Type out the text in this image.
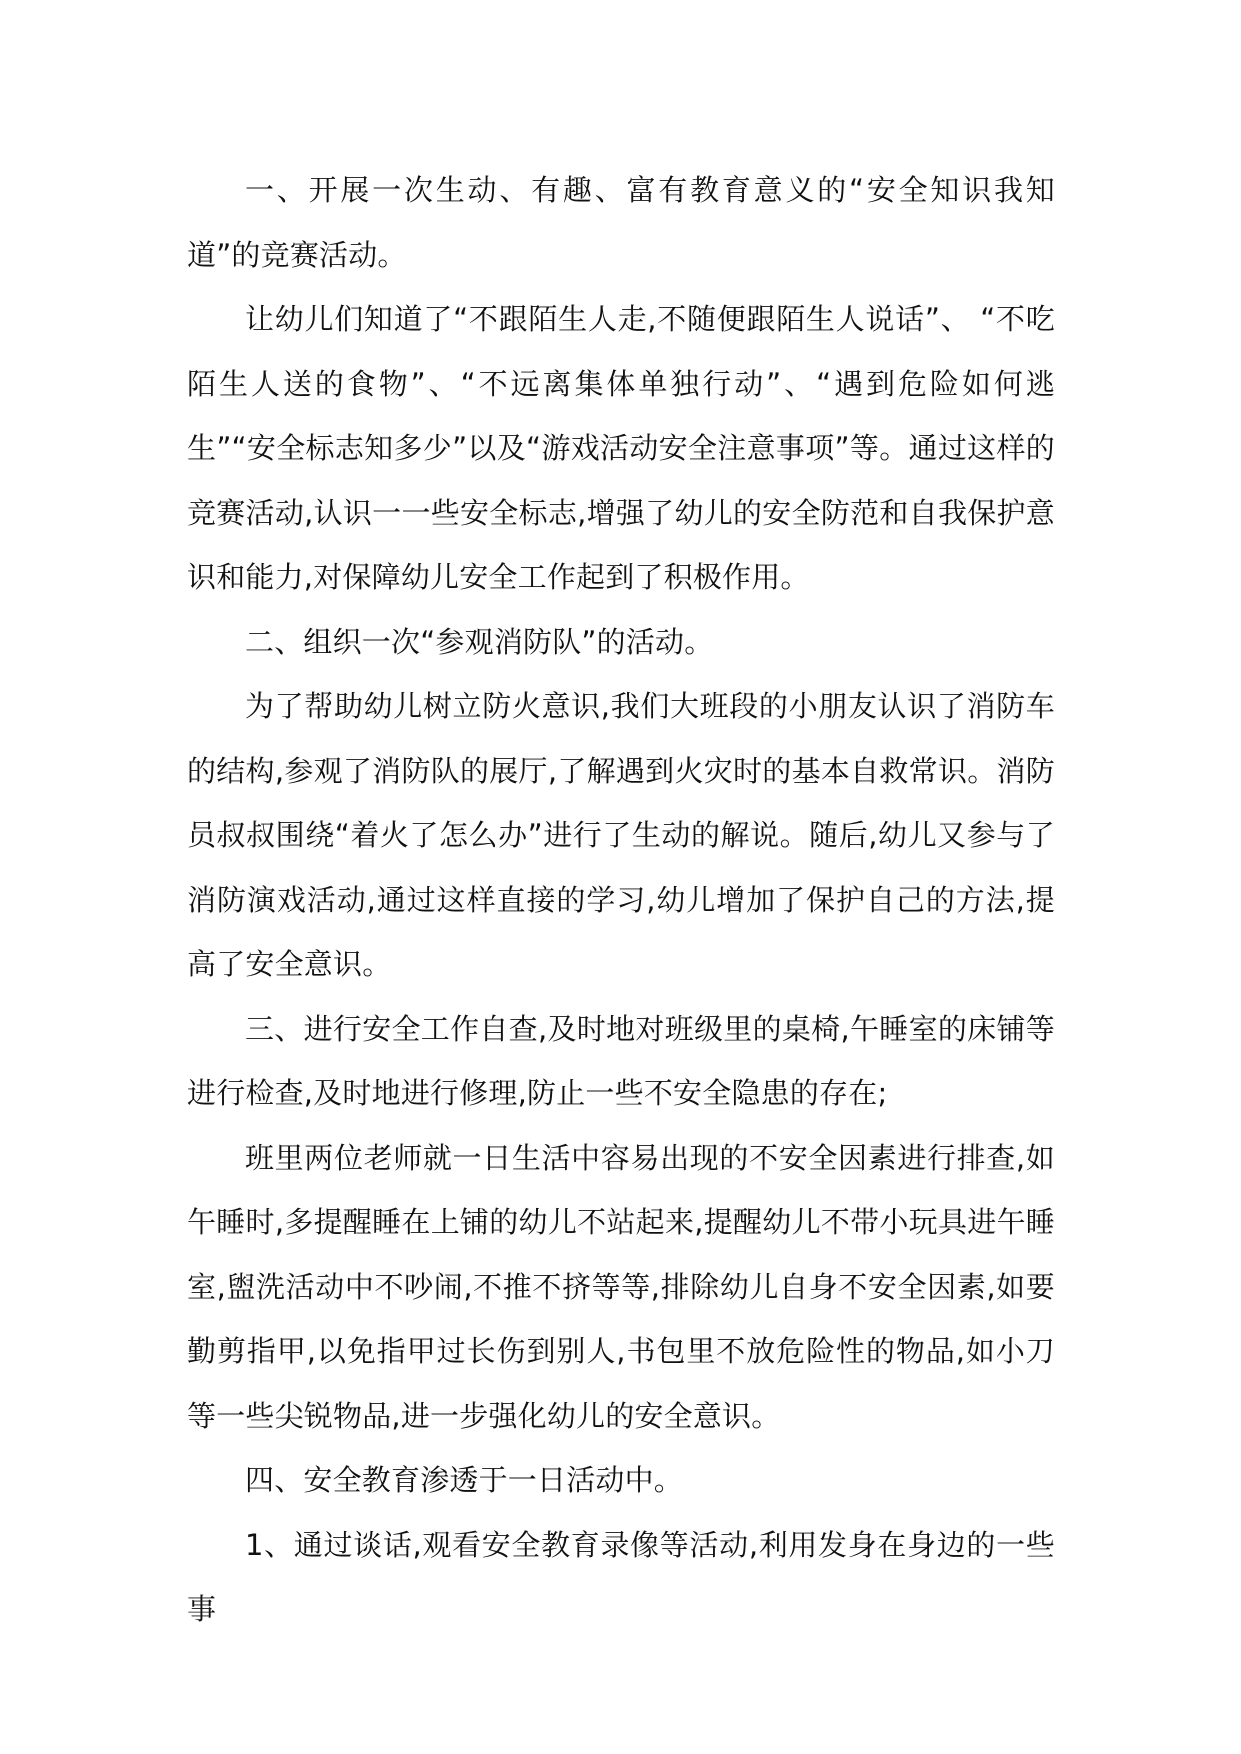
一、开展一次生动、有趣、富有教育意义的“安全知识我知道”的竞赛活动。

让幼儿们知道了“不跟陌生人走,不随便跟陌生人说话”、 “不吃陌生人送的食物”、“不远离集体单独行动”、“遇到危险如何逃生”“安全标志知多少”以及“游戏活动安全注意事项”等。通过这样的竞赛活动,认识一一些安全标志,增强了幼儿的安全防范和自我保护意识和能力,对保障幼儿安全工作起到了积极作用。

二、组织一次“参观消防队”的活动。

为了帮助幼儿树立防火意识,我们大班段的小朋友认识了消防车的结构,参观了消防队的展厅,了解遇到火灾时的基本自救常识。消防员叔叔围绕“着火了怎么办”进行了生动的解说。随后,幼儿又参与了消防演戏活动,通过这样直接的学习,幼儿增加了保护自己的方法,提高了安全意识。

三、进行安全工作自查,及时地对班级里的桌椅,午睡室的床铺等进行检查,及时地进行修理,防止一些不安全隐患的存在;

班里两位老师就一日生活中容易出现的不安全因素进行排查,如午睡时,多提醒睡在上铺的幼儿不站起来,提醒幼儿不带小玩具进午睡室,盥洗活动中不吵闹,不推不挤等等,排除幼儿自身不安全因素,如要勤剪指甲,以免指甲过长伤到别人,书包里不放危险性的物品,如小刀等一些尖锐物品,进一步强化幼儿的安全意识。

四、安全教育渗透于一日活动中。

1、通过谈话,观看安全教育录像等活动,利用发身在身边的一些事
